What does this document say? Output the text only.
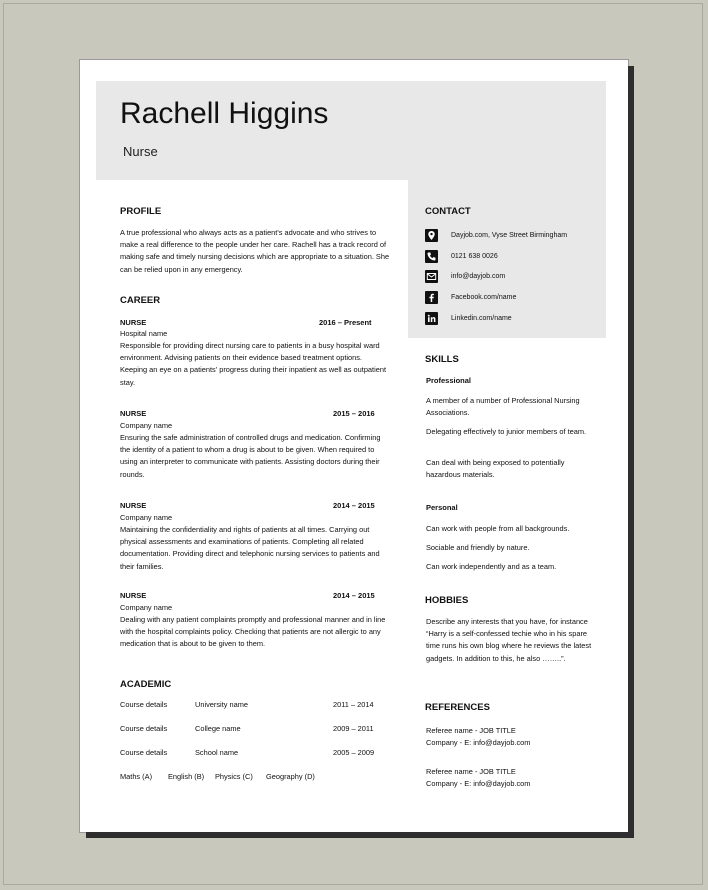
Rachell Higgins
Nurse
PROFILE
A true professional who always acts as a patient's advocate and who strives to make a real difference to the people under her care. Rachell has a track record of making safe and timely nursing decisions which are appropriate to a situation. She can be relied upon in any emergency.
CAREER
NURSE	2016 – Present
Hospital name
Responsible for providing direct nursing care to patients in a busy hospital ward environment. Advising patients on their evidence based treatment options. Keeping an eye on a patients' progress during their inpatient as well as outpatient stay.
NURSE	2015 – 2016
Company name
Ensuring the safe administration of controlled drugs and medication. Confirming the identity of a patient to whom a drug is about to be given. When required to using an interpreter to communicate with patients. Assisting doctors during their rounds.
NURSE	2014 – 2015
Company name
Maintaining the confidentiality and rights of patients at all times. Carrying out physical assessments and examinations of patients. Completing all related documentation. Providing direct and telephonic nursing services to patients and their families.
NURSE	2014 – 2015
Company name
Dealing with any patient complaints promptly and professional manner and in line with the hospital complaints policy. Checking that patients are not allergic to any medication that is about to be given to them.
ACADEMIC
Course details	University name	2011 – 2014
Course details	College name	2009 – 2011
Course details	School name	2005 – 2009
Maths (A) English (B) Physics (C) Geography (D)
CONTACT
Dayjob.com, Vyse Street Birmingham
0121 638 0026
info@dayjob.com
Facebook.com/name
Linkedin.com/name
SKILLS
Professional
A member of a number of Professional Nursing Associations.
Delegating effectively to junior members of team.
Can deal with being exposed to potentially hazardous materials.
Personal
Can work with people from all backgrounds.
Sociable and friendly by nature.
Can work independently and as a team.
HOBBIES
Describe any interests that you have, for instance “Harry is a self-confessed techie who in his spare time runs his own blog where he reviews the latest gadgets. In addition to this, he also ……..”.
REFERENCES
Referee name - JOB TITLE
Company - E: info@dayjob.com
Referee name - JOB TITLE
Company - E: info@dayjob.com
